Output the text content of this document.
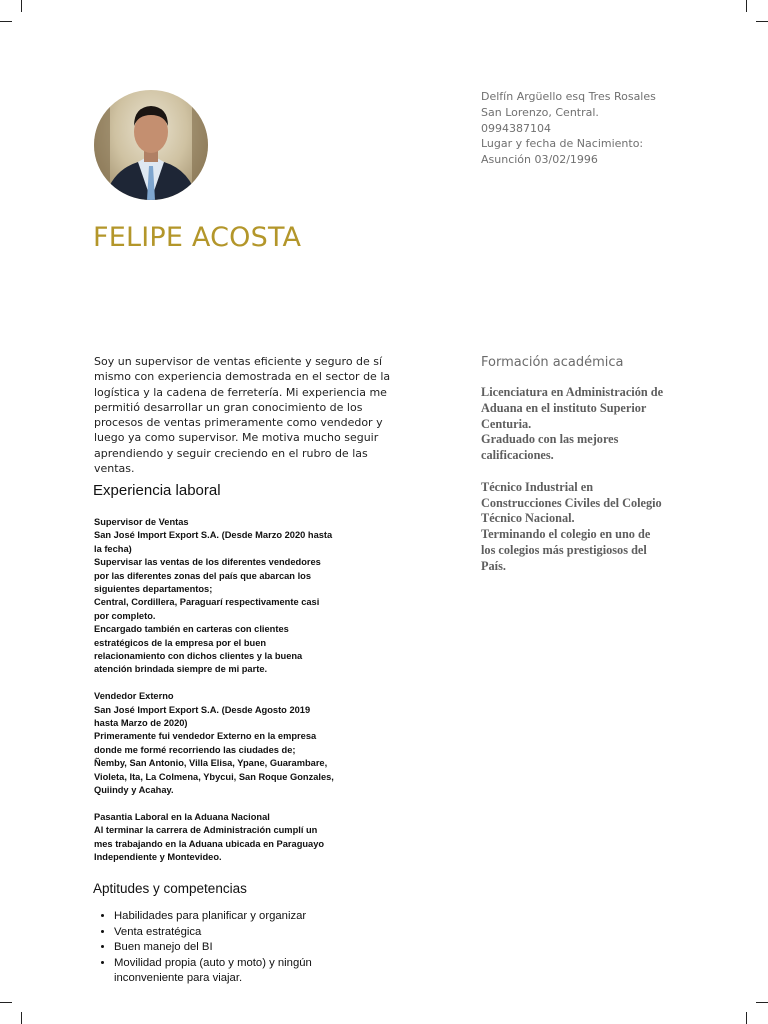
Delfín Argüello esq Tres Rosales
San Lorenzo, Central.
0994387104
Lugar y fecha de Nacimiento:
Asunción 03/02/1996
FELIPE ACOSTA
Soy un supervisor de ventas eficiente y seguro de sí mismo con experiencia demostrada en el sector de la logística y la cadena de ferretería. Mi experiencia me permitió desarrollar un gran conocimiento de los procesos de ventas primeramente como vendedor y luego ya como supervisor. Me motiva mucho seguir aprendiendo y seguir creciendo en el rubro de las ventas.
Experiencia laboral
Supervisor de Ventas
San José Import Export S.A. (Desde Marzo 2020 hasta
la fecha)
Supervisar las ventas de los diferentes vendedores
por las diferentes zonas del país que abarcan los
siguientes departamentos;
Central, Cordillera, Paraguarí respectivamente casi
por completo.
Encargado también en carteras con clientes
estratégicos de la empresa por el buen
relacionamiento con dichos clientes y la buena
atención brindada siempre de mi parte.
Vendedor Externo
San José Import Export S.A. (Desde Agosto 2019
hasta Marzo de 2020)
Primeramente fui vendedor Externo en la empresa
donde me formé recorriendo las ciudades de;
Ñemby, San Antonio, Villa Elisa, Ypane, Guarambare,
Violeta, Ita, La Colmena, Ybycui, San Roque Gonzales,
Quiindy y Acahay.
Pasantia Laboral en la Aduana Nacional
Al terminar la carrera de Administración cumplí un
mes trabajando en la Aduana ubicada en Paraguayo
Independiente y Montevideo.
Aptitudes y competencias
• Habilidades para planificar y organizar
• Venta estratégica
• Buen manejo del BI
• Movilidad propia (auto y moto) y ningún inconveniente para viajar.
Formación académica
Licenciatura en Administración de
Aduana en el instituto Superior
Centuria.
Graduado con las mejores
calificaciones.
Técnico Industrial en
Construcciones Civiles del Colegio
Técnico Nacional.
Terminando el colegio en uno de
los colegios más prestigiosos del
País.
